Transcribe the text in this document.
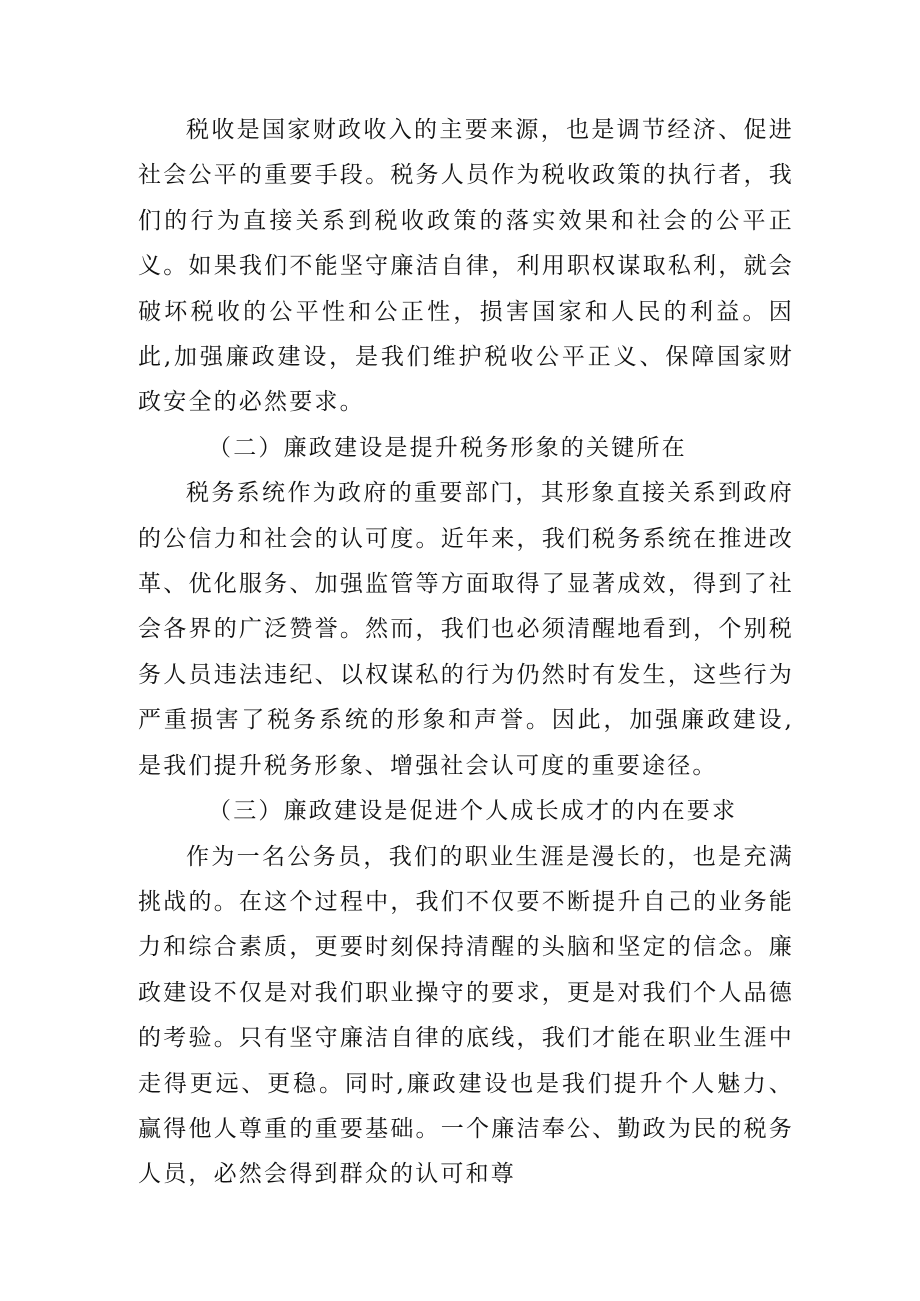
税收是国家财政收入的主要来源，也是调节经济、促进社会公平的重要手段。税务人员作为税收政策的执行者，我们的行为直接关系到税收政策的落实效果和社会的公平正义。如果我们不能坚守廉洁自律，利用职权谋取私利，就会破坏税收的公平性和公正性，损害国家和人民的利益。因此,加强廉政建设，是我们维护税收公平正义、保障国家财政安全的必然要求。

（二）廉政建设是提升税务形象的关键所在

税务系统作为政府的重要部门，其形象直接关系到政府的公信力和社会的认可度。近年来，我们税务系统在推进改革、优化服务、加强监管等方面取得了显著成效，得到了社会各界的广泛赞誉。然而，我们也必须清醒地看到，个别税务人员违法违纪、以权谋私的行为仍然时有发生，这些行为严重损害了税务系统的形象和声誉。因此，加强廉政建设,是我们提升税务形象、增强社会认可度的重要途径。

（三）廉政建设是促进个人成长成才的内在要求

作为一名公务员，我们的职业生涯是漫长的，也是充满挑战的。在这个过程中，我们不仅要不断提升自己的业务能力和综合素质，更要时刻保持清醒的头脑和坚定的信念。廉政建设不仅是对我们职业操守的要求，更是对我们个人品德的考验。只有坚守廉洁自律的底线，我们才能在职业生涯中走得更远、更稳。同时,廉政建设也是我们提升个人魅力、赢得他人尊重的重要基础。一个廉洁奉公、勤政为民的税务人员，必然会得到群众的认可和尊
